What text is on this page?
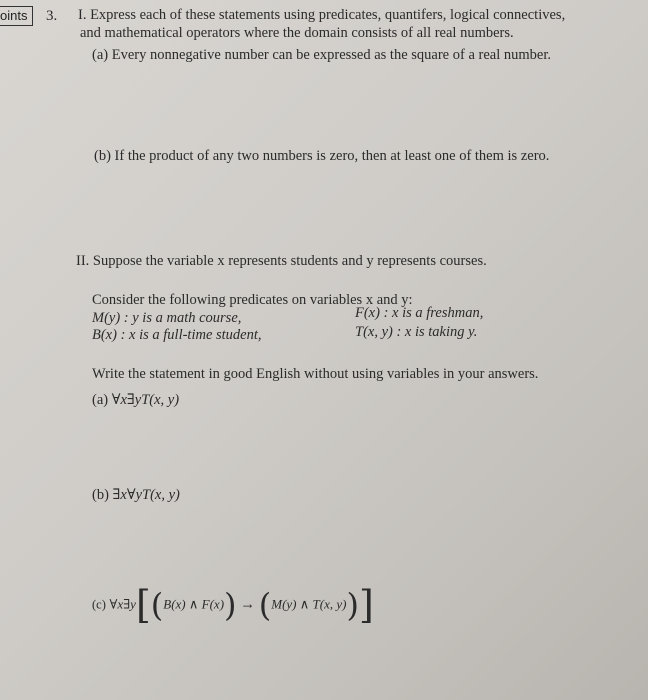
oints	3. I. Express each of these statements using predicates, quantifers, logical connectives,
and mathematical operators where the domain consists of all real numbers.
(a) Every nonnegative number can be expressed as the square of a real number.
(b) If the product of any two numbers is zero, then at least one of them is zero.
II. Suppose the variable x represents students and y represents courses.
Consider the following predicates on variables x and y:
M(y) : y is a math course,	F(x) : x is a freshman,
B(x) : x is a full-time student,	T(x, y) : x is taking y.
Write the statement in good English without using variables in your answers.
(a) ∀x∃yT(x, y)
(b) ∃x∀yT(x, y)
(c) ∀x∃y[(B(x) ∧ F(x)) → (M(y) ∧ T(x, y))]
